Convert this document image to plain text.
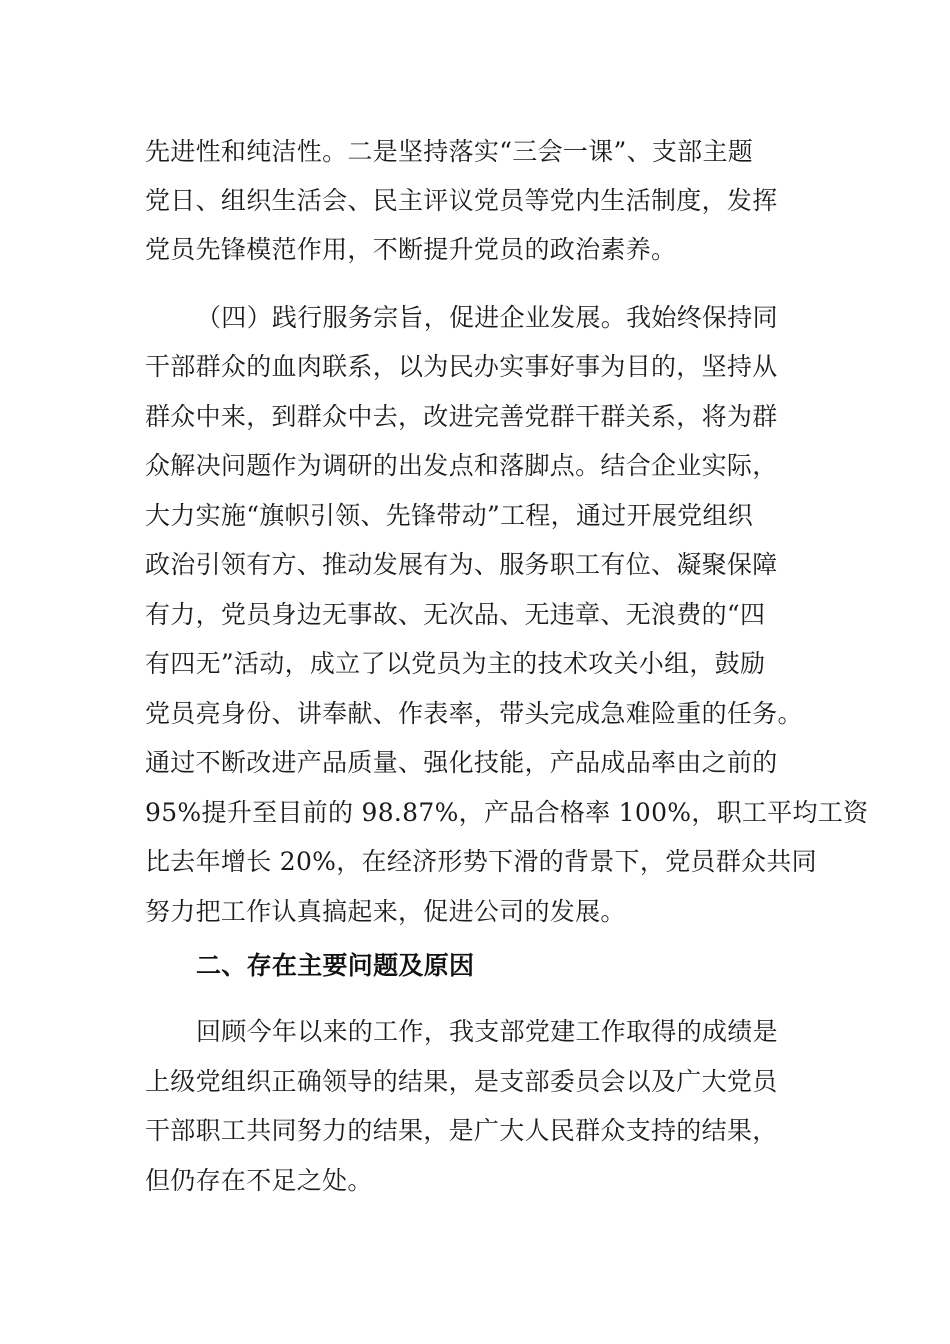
先进性和纯洁性。二是坚持落实“三会一课”、支部主题
党日、组织生活会、民主评议党员等党内生活制度，发挥
党员先锋模范作用，不断提升党员的政治素养。
（四）践行服务宗旨，促进企业发展。我始终保持同
干部群众的血肉联系，以为民办实事好事为目的，坚持从
群众中来，到群众中去，改进完善党群干群关系，将为群
众解决问题作为调研的出发点和落脚点。结合企业实际，
大力实施“旗帜引领、先锋带动”工程，通过开展党组织
政治引领有方、推动发展有为、服务职工有位、凝聚保障
有力，党员身边无事故、无次品、无违章、无浪费的“四
有四无”活动，成立了以党员为主的技术攻关小组，鼓励
党员亮身份、讲奉献、作表率，带头完成急难险重的任务。
通过不断改进产品质量、强化技能，产品成品率由之前的
95%提升至目前的 98.87%，产品合格率 100%，职工平均工资
比去年增长 20%，在经济形势下滑的背景下，党员群众共同
努力把工作认真搞起来，促进公司的发展。
二、存在主要问题及原因
回顾今年以来的工作，我支部党建工作取得的成绩是
上级党组织正确领导的结果，是支部委员会以及广大党员
干部职工共同努力的结果，是广大人民群众支持的结果，
但仍存在不足之处。
